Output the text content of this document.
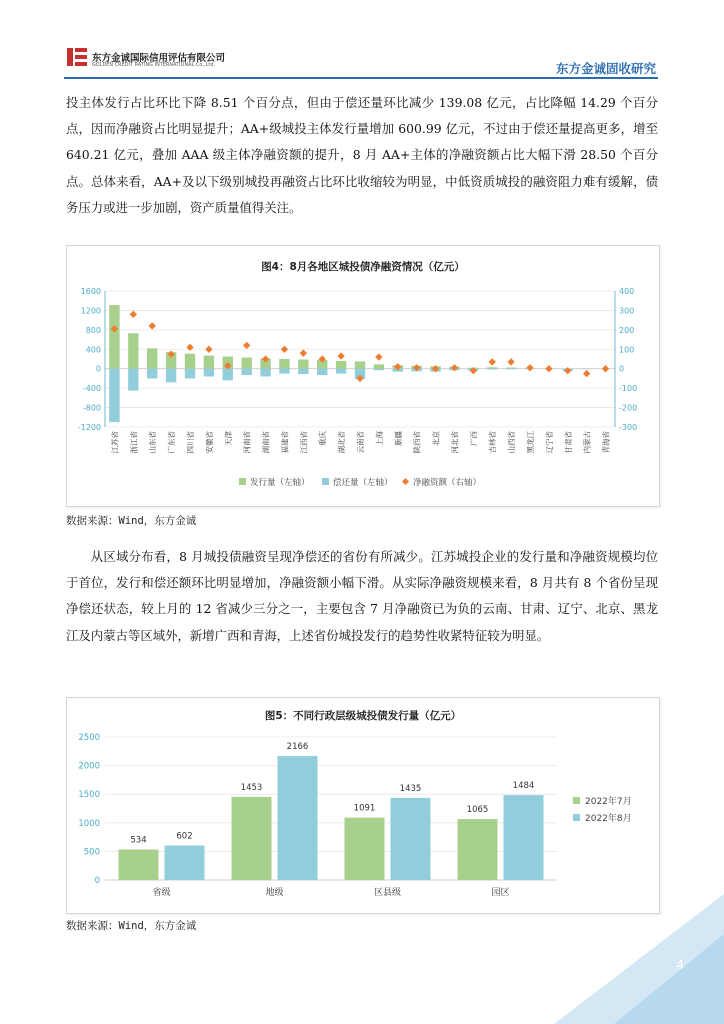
东方金诚国际信用评估有限公司
GOLDEN CREDIT RATING INTERNATIONAL Co.,Ltd.	东方金诚固收研究

投主体发行占比环比下降 8.51 个百分点，但由于偿还量环比减少 139.08 亿元，占比降幅 14.29 个百分点，因而净融资占比明显提升；AA+级城投主体发行量增加 600.99 亿元，不过由于偿还量提高更多，增至 640.21 亿元，叠加 AAA 级主体净融资额的提升，8 月 AA+主体的净融资额占比大幅下滑 28.50 个百分点。总体来看，AA+及以下级别城投再融资占比环比收缩较为明显，中低资质城投的融资阻力难有缓解，债务压力或进一步加剧，资产质量值得关注。

图4：8月各地区城投债净融资情况（亿元）
1600
1200
800
400
0
-400
-800
-1200
400
300
200
100
0
-100
-200
-300
江苏省 浙江省 山东省 广东省 四川省 安徽省 天津 河南省 湖南省 福建省 江西省 重庆 湖北省 云南省 上海 新疆 陕西省 北京 河北省 广西 吉林省 山西省 黑龙江 辽宁省 甘肃省 内蒙古 青海省
发行量（左轴）	偿还量（左轴） 净融资额（右轴）
数据来源：Wind，东方金诚

从区域分布看，8 月城投债融资呈现净偿还的省份有所减少。江苏城投企业的发行量和净融资规模均位于首位，发行和偿还额环比明显增加，净融资额小幅下滑。从实际净融资规模来看，8 月共有 8 个省份呈现净偿还状态，较上月的 12 省减少三分之一，主要包含 7 月净融资已为负的云南、甘肃、辽宁、北京、黑龙江及内蒙古等区域外，新增广西和青海，上述省份城投发行的趋势性收紧特征较为明显。

图5：不同行政层级城投债发行量（亿元）
2500
2000
1500
1000
500
0
534	602
省级
1453
2166
地级
1091
1435
区县级
1065
1484
园区
2022年7月
2022年8月
数据来源：Wind，东方金诚
4
